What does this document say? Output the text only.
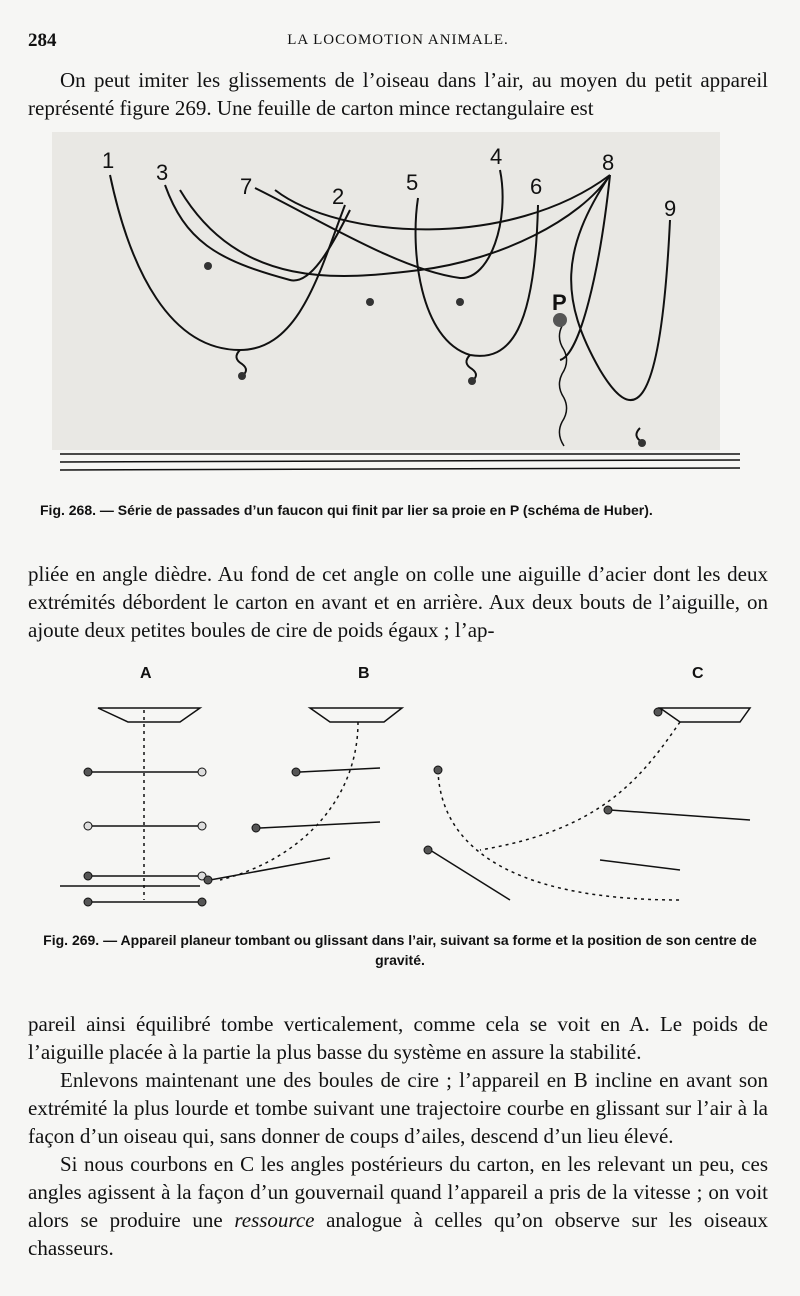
284	LA LOCOMOTION ANIMALE.

On peut imiter les glissements de l’oiseau dans l’air, au moyen du petit appareil représenté figure 269. Une feuille de carton mince rectangulaire est

1
2
3
4
5	6
7
8
9
P
Fig. 268. — Série de passades d’un faucon qui finit par lier sa proie en P (schéma de Huber).

pliée en angle dièdre. Au fond de cet angle on colle une aiguille d’acier dont les deux extrémités débordent le carton en avant et en arrière. Aux deux bouts de l’aiguille, on ajoute deux petites boules de cire de poids égaux ; l’ap-

A	B	C
Fig. 269. — Appareil planeur tombant ou glissant dans l’air, suivant sa forme et la position de son centre de gravité.

pareil ainsi équilibré tombe verticalement, comme cela se voit en A. Le poids de l’aiguille placée à la partie la plus basse du système en assure la stabilité.

Enlevons maintenant une des boules de cire ; l’appareil en B incline en avant son extrémité la plus lourde et tombe suivant une trajectoire courbe en glissant sur l’air à la façon d’un oiseau qui, sans donner de coups d’ailes, descend d’un lieu élevé.

Si nous courbons en C les angles postérieurs du carton, en les relevant un peu, ces angles agissent à la façon d’un gouvernail quand l’appareil a pris de la vitesse ; on voit alors se produire une ressource analogue à celles qu’on observe sur les oiseaux chasseurs.
